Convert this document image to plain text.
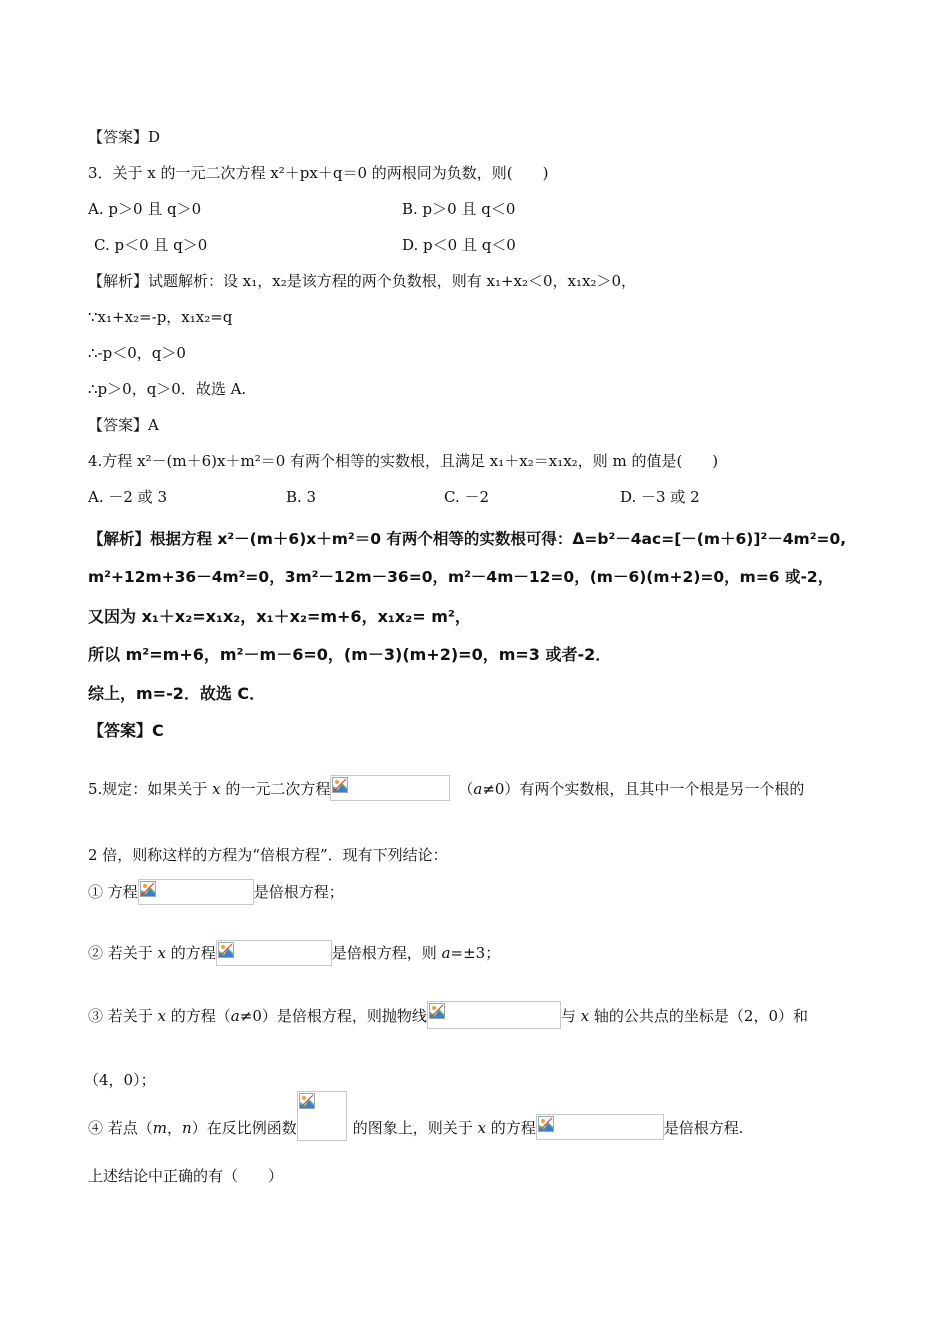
【答案】D
3．关于 x 的一元二次方程 x²＋px＋q＝0 的两根同为负数，则(　　)
A. p＞0 且 q＞0	B. p＞0 且 q＜0
C. p＜0 且 q＞0	D. p＜0 且 q＜0
【解析】试题解析：设 x₁，x₂是该方程的两个负数根，则有 x₁+x₂＜0，x₁x₂＞0，
∵x₁+x₂=-p，x₁x₂=q
∴-p＜0，q＞0
∴p＞0，q＞0．故选 A.
【答案】A
4.方程 x²－(m＋6)x＋m²＝0 有两个相等的实数根，且满足 x₁＋x₂＝x₁x₂，则 m 的值是(　　)
A. －2 或 3	B. 3	C. －2	D. －3 或 2
【解析】根据方程 x²－(m＋6)x＋m²＝0 有两个相等的实数根可得：Δ=b²－4ac=[－(m＋6)]²－4m²=0,
m²+12m+36－4m²=0，3m²－12m－36=0，m²－4m－12=0，(m－6)(m+2)=0，m=6 或-2，
又因为 x₁＋x₂=x₁x₂，x₁＋x₂=m+6，x₁x₂= m²，
所以 m²=m+6，m²－m－6=0，(m－3)(m+2)=0，m=3 或者-2．
综上，m=-2．故选 C．
【答案】C
5.规定：如果关于 x 的一元二次方程	（a≠0）有两个实数根，且其中一个根是另一个根的
2 倍，则称这样的方程为“倍根方程”．现有下列结论：
① 方程	是倍根方程；
② 若关于 x 的方程	是倍根方程，则 a=±3；
③ 若关于 x 的方程（a≠0）是倍根方程，则抛物线	与 x 轴的公共点的坐标是（2，0）和
（4，0）；
④ 若点（m，n）在反比例函数	的图象上，则关于 x 的方程	是倍根方程.
上述结论中正确的有（　　）
